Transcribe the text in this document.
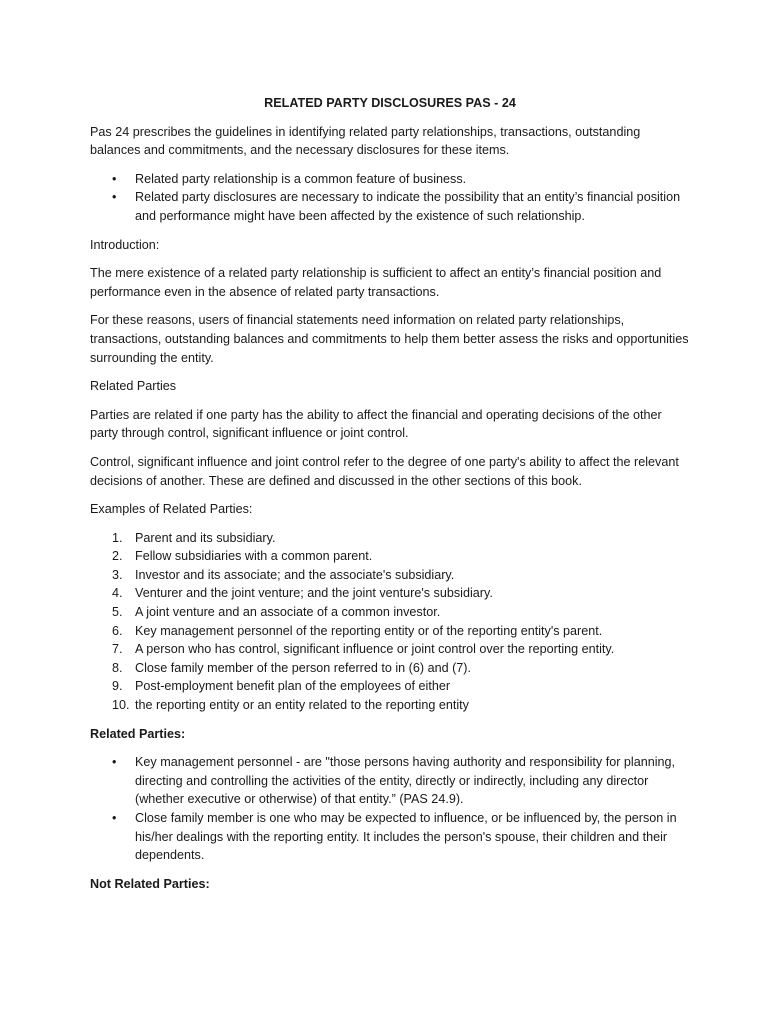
RELATED PARTY DISCLOSURES PAS - 24

Pas 24 prescribes the guidelines in identifying related party relationships, transactions, outstanding balances and commitments, and the necessary disclosures for these items.

• Related party relationship is a common feature of business.
• Related party disclosures are necessary to indicate the possibility that an entity’s financial position and performance might have been affected by the existence of such relationship.

Introduction:

The mere existence of a related party relationship is sufficient to affect an entity’s financial position and performance even in the absence of related party transactions.

For these reasons, users of financial statements need information on related party relationships, transactions, outstanding balances and commitments to help them better assess the risks and opportunities surrounding the entity.

Related Parties

Parties are related if one party has the ability to affect the financial and operating decisions of the other party through control, significant influence or joint control.

Control, significant influence and joint control refer to the degree of one party's ability to affect the relevant decisions of another. These are defined and discussed in the other sections of this book.

Examples of Related Parties:

1. Parent and its subsidiary.
2. Fellow subsidiaries with a common parent.
3. Investor and its associate; and the associate's subsidiary.
4. Venturer and the joint venture; and the joint venture's subsidiary.
5. A joint venture and an associate of a common investor.
6. Key management personnel of the reporting entity or of the reporting entity's parent.
7. A person who has control, significant influence or joint control over the reporting entity.
8. Close family member of the person referred to in (6) and (7).
9. Post-employment benefit plan of the employees of either
10. the reporting entity or an entity related to the reporting entity

Related Parties:

• Key management personnel - are "those persons having authority and responsibility for planning, directing and controlling the activities of the entity, directly or indirectly, including any director (whether executive or otherwise) of that entity.” (PAS 24.9).
• Close family member is one who may be expected to influence, or be influenced by, the person in his/her dealings with the reporting entity. It includes the person's spouse, their children and their dependents.

Not Related Parties:
